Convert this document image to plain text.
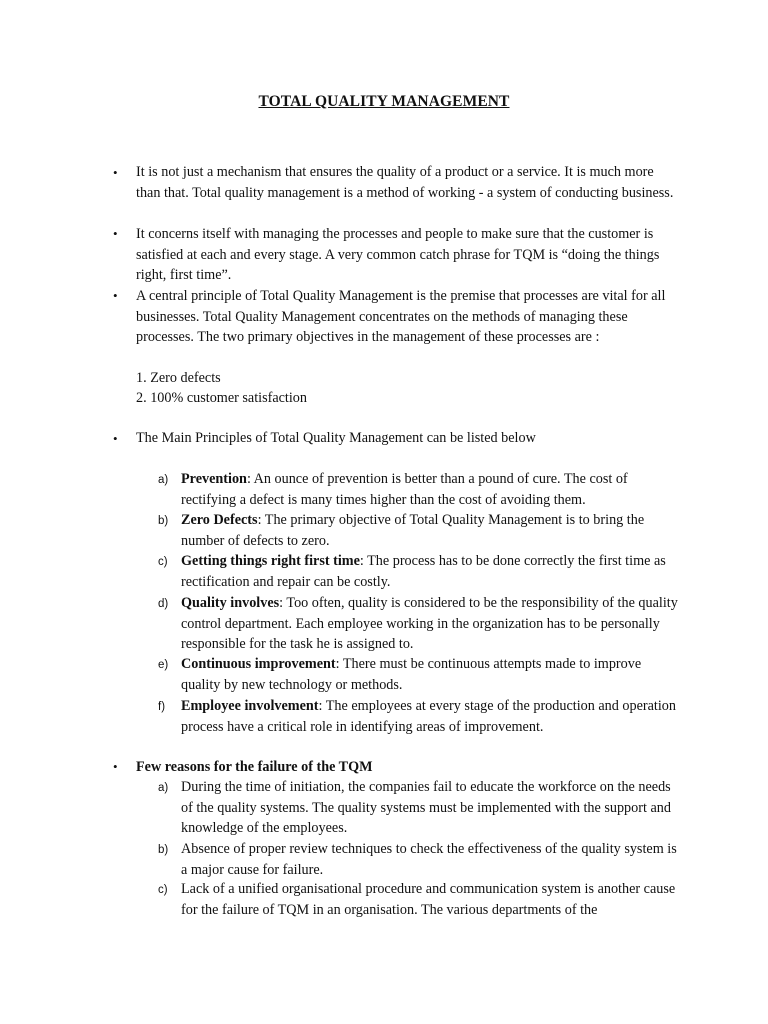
TOTAL QUALITY MANAGEMENT
• It is not just a mechanism that ensures the quality of a product or a service. It is much more than that. Total quality management is a method of working - a system of conducting business.

• It concerns itself with managing the processes and people to make sure that the customer is satisfied at each and every stage. A very common catch phrase for TQM is “doing the things right, first time”.

• A central principle of Total Quality Management is the premise that processes are vital for all businesses. Total Quality Management concentrates on the methods of managing these processes. The two primary objectives in the management of these processes are :

1. Zero defects
2. 100% customer satisfaction
• The Main Principles of Total Quality Management can be listed below

a) Prevention: An ounce of prevention is better than a pound of cure. The cost of rectifying a defect is many times higher than the cost of avoiding them.

b) Zero Defects: The primary objective of Total Quality Management is to bring the number of defects to zero.

c) Getting things right first time: The process has to be done correctly the first time as rectification and repair can be costly.

d) Quality involves: Too often, quality is considered to be the responsibility of the quality control department. Each employee working in the organization has to be personally responsible for the task he is assigned to.

e) Continuous improvement: There must be continuous attempts made to improve quality by new technology or methods.

f) Employee involvement: The employees at every stage of the production and operation process have a critical role in identifying areas of improvement.

• Few reasons for the failure of the TQM

a) During the time of initiation, the companies fail to educate the workforce on the needs of the quality systems. The quality systems must be implemented with the support and knowledge of the employees.

b) Absence of proper review techniques to check the effectiveness of the quality system is a major cause for failure.

c) Lack of a unified organisational procedure and communication system is another cause for the failure of TQM in an organisation. The various departments of the
